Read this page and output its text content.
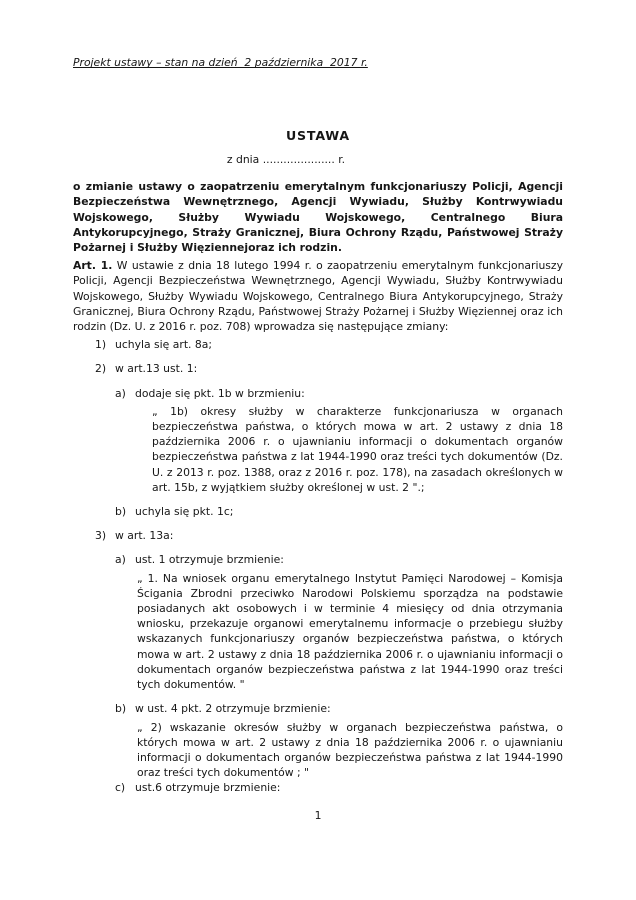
Projekt ustawy – stan na dzień  2 października  2017 r.
USTAWA
z dnia ..................... r.

o zmianie ustawy o zaopatrzeniu emerytalnym funkcjonariuszy Policji, Agencji Bezpieczeństwa Wewnętrznego, Agencji Wywiadu, Służby Kontrwywiadu Wojskowego, Służby Wywiadu Wojskowego, Centralnego Biura Antykorupcyjnego, Straży Granicznej, Biura Ochrony Rządu, Państwowej Straży Pożarnej i Służby Więziennejoraz ich rodzin.

Art. 1. W ustawie z dnia 18 lutego 1994 r. o zaopatrzeniu emerytalnym funkcjonariuszy Policji, Agencji Bezpieczeństwa Wewnętrznego, Agencji Wywiadu, Służby Kontrwywiadu Wojskowego, Służby Wywiadu Wojskowego, Centralnego Biura Antykorupcyjnego, Straży Granicznej, Biura Ochrony Rządu, Państwowej Straży Pożarnej i Służby Więziennej oraz ich rodzin (Dz. U. z 2016 r. poz. 708) wprowadza się następujące zmiany:

1) uchyla się art. 8a;
2) w art.13 ust. 1:
a) dodaje się pkt. 1b w brzmieniu:

„ 1b) okresy służby w charakterze funkcjonariusza w organach bezpieczeństwa państwa, o których mowa w art. 2 ustawy z dnia 18 października 2006 r. o ujawnianiu informacji o dokumentach organów bezpieczeństwa państwa z lat 1944-1990 oraz treści tych dokumentów (Dz. U. z 2013 r. poz. 1388, oraz z 2016 r. poz. 178), na zasadach określonych w art. 15b, z wyjątkiem służby określonej w ust. 2 ".;

b) uchyla się pkt. 1c;
3) w art. 13a:
a) ust. 1 otrzymuje brzmienie:

„ 1. Na wniosek organu emerytalnego Instytut Pamięci Narodowej – Komisja Ścigania Zbrodni przeciwko Narodowi Polskiemu sporządza na podstawie posiadanych akt osobowych i w terminie 4 miesięcy od dnia otrzymania wniosku, przekazuje organowi emerytalnemu informacje o przebiegu służby wskazanych funkcjonariuszy organów bezpieczeństwa państwa, o których mowa w art. 2 ustawy z dnia 18 października 2006 r. o ujawnianiu informacji o dokumentach organów bezpieczeństwa państwa z lat 1944-1990 oraz treści tych dokumentów. "

b) w ust. 4 pkt. 2 otrzymuje brzmienie:

„ 2) wskazanie okresów służby w organach bezpieczeństwa państwa, o których mowa w art. 2 ustawy z dnia 18 października 2006 r. o ujawnianiu informacji o dokumentach organów bezpieczeństwa państwa z lat 1944-1990 oraz treści tych dokumentów ; "

c) ust.6 otrzymuje brzmienie:
1
